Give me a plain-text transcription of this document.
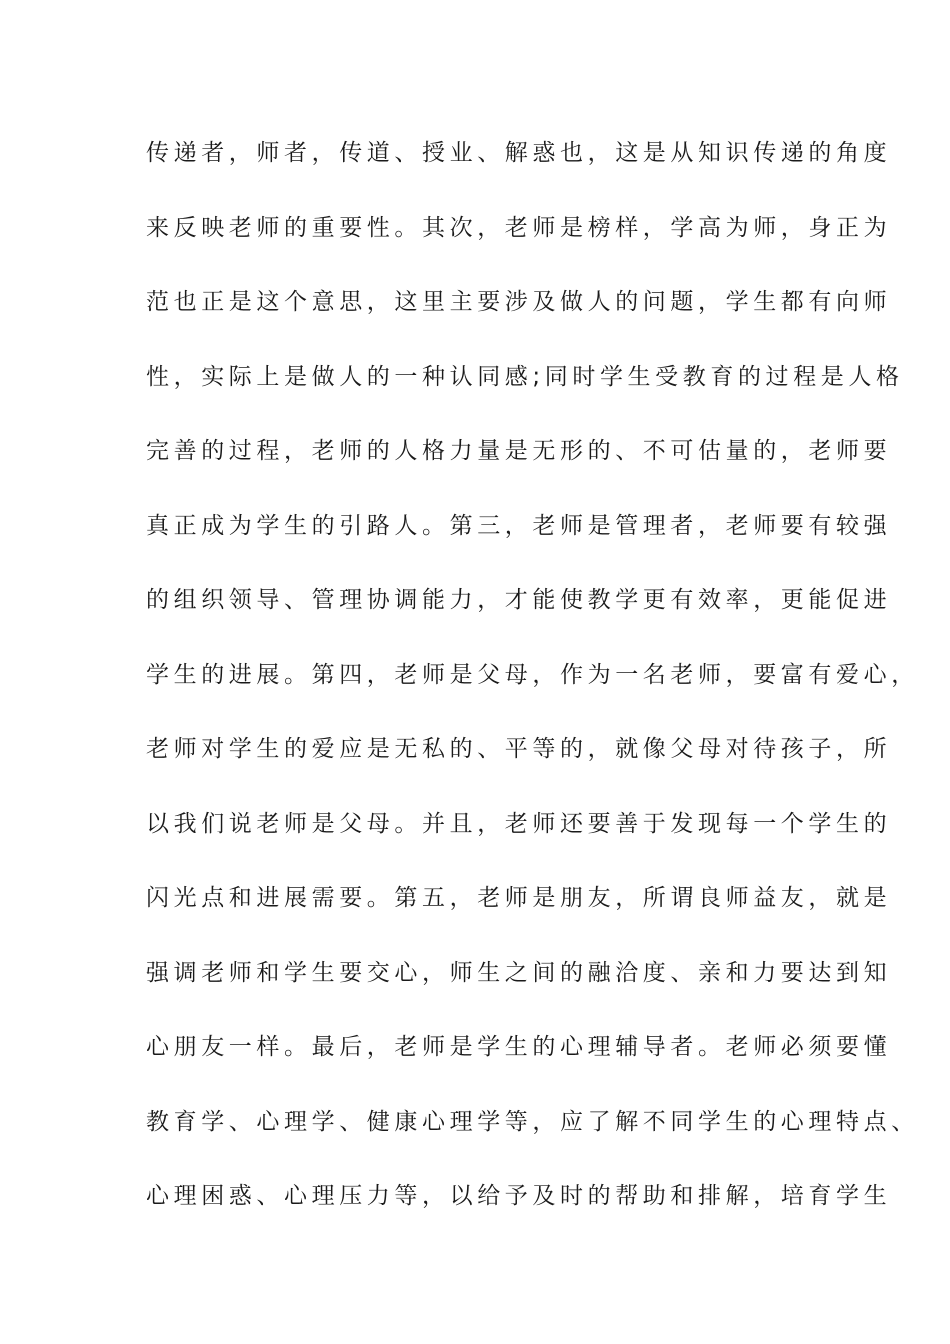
传递者，师者，传道、授业、解惑也，这是从知识传递的角度
来反映老师的重要性。其次，老师是榜样，学高为师，身正为
范也正是这个意思，这里主要涉及做人的问题，学生都有向师
性，实际上是做人的一种认同感;同时学生受教育的过程是人格
完善的过程，老师的人格力量是无形的、不可估量的，老师要
真正成为学生的引路人。第三，老师是管理者，老师要有较强
的组织领导、管理协调能力，才能使教学更有效率，更能促进
学生的进展。第四，老师是父母，作为一名老师，要富有爱心，
老师对学生的爱应是无私的、平等的，就像父母对待孩子，所
以我们说老师是父母。并且，老师还要善于发现每一个学生的
闪光点和进展需要。第五，老师是朋友，所谓良师益友，就是
强调老师和学生要交心，师生之间的融洽度、亲和力要达到知
心朋友一样。最后，老师是学生的心理辅导者。老师必须要懂
教育学、心理学、健康心理学等，应了解不同学生的心理特点、
心理困惑、心理压力等，以给予及时的帮助和排解，培育学生
